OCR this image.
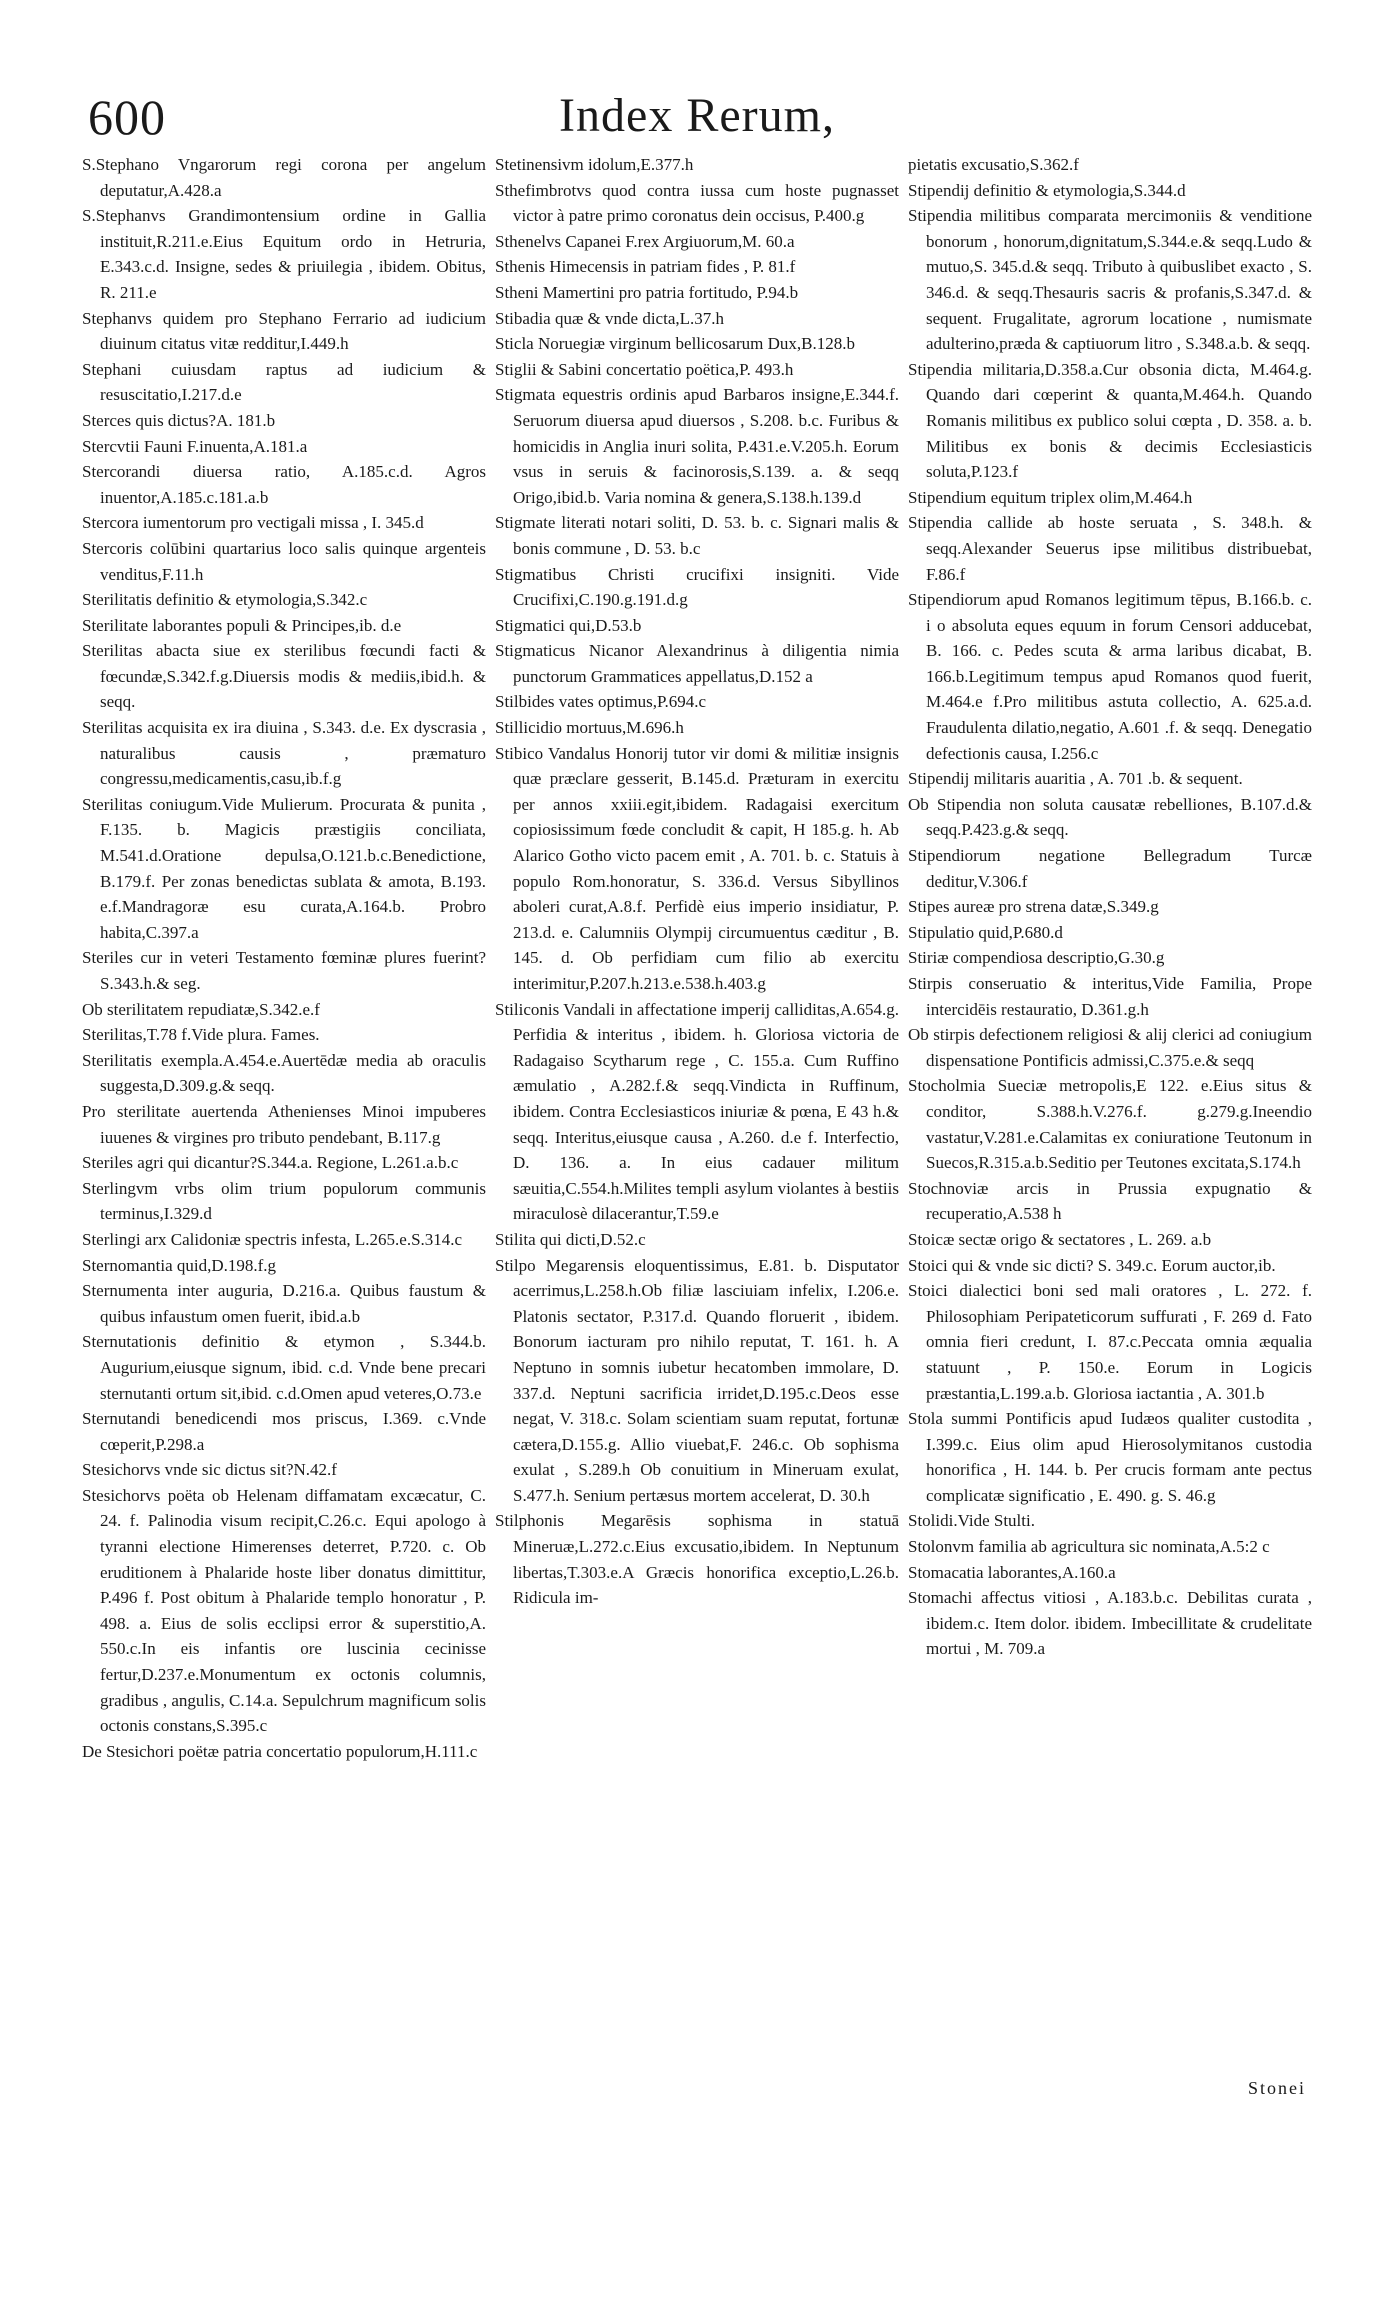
600	Index Rerum,

S.Stephano Vngarorum regi corona per angelum deputatur,A.428.a

S.Stephanvs Grandimontensium ordine in Gallia instituit,R.211.e.Eius Equitum ordo in Hetruria, E.343.c.d. Insigne, sedes & priuilegia , ibidem. Obitus, R. 211.e

Stephanvs quidem pro Stephano Ferrario ad iudicium diuinum citatus vitæ redditur,I.449.h

Stephani cuiusdam raptus ad iudicium & resuscitatio,I.217.d.e

Sterces quis dictus?A. 181.b

Stercvtii Fauni F.inuenta,A.181.a

Stercorandi diuersa ratio, A.185.c.d. Agros inuentor,A.185.c.181.a.b

Stercora iumentorum pro vectigali missa , I. 345.d

Stercoris colūbini quartarius loco salis quinque argenteis venditus,F.11.h

Sterilitatis definitio & etymologia,S.342.c

Sterilitate laborantes populi & Principes,ib. d.e

Sterilitas abacta siue ex sterilibus fœcundi facti & fœcundæ,S.342.f.g.Diuersis modis & mediis,ibid.h. & seqq.

Sterilitas acquisita ex ira diuina , S.343. d.e. Ex dyscrasia , naturalibus causis , præmaturo congressu,medicamentis,casu,ib.f.g

Sterilitas coniugum.Vide Mulierum. Procurata & punita , F.135. b. Magicis præstigiis conciliata, M.541.d.Oratione depulsa,O.121.b.c.Benedictione, B.179.f. Per zonas benedictas sublata & amota, B.193. e.f.Mandragoræ esu curata,A.164.b. Probro habita,C.397.a

Steriles cur in veteri Testamento fœminæ plures fuerint?S.343.h.& seg.

Ob sterilitatem repudiatæ,S.342.e.f

Sterilitas,T.78 f.Vide plura. Fames.

Sterilitatis exempla.A.454.e.Auertēdæ media ab oraculis suggesta,D.309.g.& seqq.

Pro sterilitate auertenda Athenienses Minoi impuberes iuuenes & virgines pro tributo pendebant, B.117.g

Steriles agri qui dicantur?S.344.a. Regione, L.261.a.b.c

Sterlingvm vrbs olim trium populorum communis terminus,I.329.d

Sterlingi arx Calidoniæ spectris infesta, L.265.e.S.314.c

Sternomantia quid,D.198.f.g

Sternumenta inter auguria, D.216.a. Quibus faustum & quibus infaustum omen fuerit, ibid.a.b

Sternutationis definitio & etymon , S.344.b. Augurium,eiusque signum, ibid. c.d. Vnde bene precari sternutanti ortum sit,ibid. c.d.Omen apud veteres,O.73.e

Sternutandi benedicendi mos priscus, I.369. c.Vnde cœperit,P.298.a

Stesichorvs vnde sic dictus sit?N.42.f

Stesichorvs poëta ob Helenam diffamatam excæcatur, C. 24. f. Palinodia visum recipit,C.26.c. Equi apologo à tyranni electione Himerenses deterret, P.720. c. Ob eruditionem à Phalaride hoste liber donatus dimittitur, P.496 f. Post obitum à Phalaride templo honoratur , P. 498. a. Eius de solis ecclipsi error & superstitio,A. 550.c.In eis infantis ore luscinia cecinisse fertur,D.237.e.Monumentum ex octonis columnis, gradibus , angulis, C.14.a. Sepulchrum magnificum solis octonis constans,S.395.c

De Stesichori poëtæ patria concertatio populorum,H.111.c

Stetinensivm idolum,E.377.h

Sthefimbrotvs quod contra iussa cum hoste pugnasset victor à patre primo coronatus dein occisus, P.400.g

Sthenelvs Capanei F.rex Argiuorum,M. 60.a

Sthenis Himecensis in patriam fides , P. 81.f

Stheni Mamertini pro patria fortitudo, P.94.b

Stibadia quæ & vnde dicta,L.37.h

Sticla Noruegiæ virginum bellicosarum Dux,B.128.b

Stiglii & Sabini concertatio poëtica,P. 493.h

Stigmata equestris ordinis apud Barbaros insigne,E.344.f. Seruorum diuersa apud diuersos , S.208. b.c. Furibus & homicidis in Anglia inuri solita, P.431.e.V.205.h. Eorum vsus in seruis & facinorosis,S.139. a. & seqq Origo,ibid.b. Varia nomina & genera,S.138.h.139.d

Stigmate literati notari soliti, D. 53. b. c. Signari malis & bonis commune , D. 53. b.c

Stigmatibus Christi crucifixi insigniti. Vide Crucifixi,C.190.g.191.d.g

Stigmatici qui,D.53.b

Stigmaticus Nicanor Alexandrinus à diligentia nimia punctorum Grammatices appellatus,D.152 a

Stilbides vates optimus,P.694.c

Stillicidio mortuus,M.696.h

Stibico Vandalus Honorij tutor vir domi & militiæ insignis quæ præclare gesserit, B.145.d. Præturam in exercitu per annos xxiii.egit,ibidem. Radagaisi exercitum copiosissimum fœde concludit & capit, H 185.g. h. Ab Alarico Gotho victo pacem emit , A. 701. b. c. Statuis à populo Rom.honoratur, S. 336.d. Versus Sibyllinos aboleri curat,A.8.f. Perfidè eius imperio insidiatur, P. 213.d. e. Calumniis Olympij circumuentus cæditur , B. 145. d. Ob perfidiam cum filio ab exercitu interimitur,P.207.h.213.e.538.h.403.g

Stiliconis Vandali in affectatione imperij calliditas,A.654.g. Perfidia & interitus , ibidem. h. Gloriosa victoria de Radagaiso Scytharum rege , C. 155.a. Cum Ruffino æmulatio , A.282.f.& seqq.Vindicta in Ruffinum, ibidem. Contra Ecclesiasticos iniuriæ & pœna, E 43 h.& seqq. Interitus,eiusque causa , A.260. d.e f. Interfectio, D. 136. a. In eius cadauer militum sæuitia,C.554.h.Milites templi asylum violantes à bestiis miraculosè dilacerantur,T.59.e

Stilita qui dicti,D.52.c

Stilpo Megarensis eloquentissimus, E.81. b. Disputator acerrimus,L.258.h.Ob filiæ lasciuiam infelix, I.206.e. Platonis sectator, P.317.d. Quando floruerit , ibidem. Bonorum iacturam pro nihilo reputat, T. 161. h. A Neptuno in somnis iubetur hecatomben immolare, D. 337.d. Neptuni sacrificia irridet,D.195.c.Deos esse negat, V. 318.c. Solam scientiam suam reputat, fortunæ cætera,D.155.g. Allio viuebat,F. 246.c. Ob sophisma exulat , S.289.h Ob conuitium in Mineruam exulat, S.477.h. Senium pertæsus mortem accelerat, D. 30.h

Stilphonis Megarēsis sophisma in statuā Mineruæ,L.272.c.Eius excusatio,ibidem. In Neptunum libertas,T.303.e.A Græcis honorifica exceptio,L.26.b. Ridicula im-

pietatis excusatio,S.362.f

Stipendij definitio & etymologia,S.344.d

Stipendia militibus comparata mercimoniis & venditione bonorum , honorum,dignitatum,S.344.e.& seqq.Ludo & mutuo,S. 345.d.& seqq. Tributo à quibuslibet exacto , S. 346.d. & seqq.Thesauris sacris & profanis,S.347.d. & sequent. Frugalitate, agrorum locatione , numismate adulterino,præda & captiuorum litro , S.348.a.b. & seqq.

Stipendia militaria,D.358.a.Cur obsonia dicta, M.464.g. Quando dari cœperint & quanta,M.464.h. Quando Romanis militibus ex publico solui cœpta , D. 358. a. b. Militibus ex bonis & decimis Ecclesiasticis soluta,P.123.f

Stipendium equitum triplex olim,M.464.h

Stipendia callide ab hoste seruata , S. 348.h. & seqq.Alexander Seuerus ipse militibus distribuebat, F.86.f

Stipendiorum apud Romanos legitimum tēpus, B.166.b. c. i o absoluta eques equum in forum Censori adducebat, B. 166. c. Pedes scuta & arma laribus dicabat, B. 166.b.Legitimum tempus apud Romanos quod fuerit, M.464.e f.Pro militibus astuta collectio, A. 625.a.d. Fraudulenta dilatio,negatio, A.601 .f. & seqq. Denegatio defectionis causa, I.256.c

Stipendij militaris auaritia , A. 701 .b. & sequent.

Ob Stipendia non soluta causatæ rebelliones, B.107.d.& seqq.P.423.g.& seqq.

Stipendiorum negatione Bellegradum Turcæ deditur,V.306.f

Stipes aureæ pro strena datæ,S.349.g

Stipulatio quid,P.680.d

Stiriæ compendiosa descriptio,G.30.g

Stirpis conseruatio & interitus,Vide Familia, Prope intercidēis restauratio, D.361.g.h

Ob stirpis defectionem religiosi & alij clerici ad coniugium dispensatione Pontificis admissi,C.375.e.& seqq

Stocholmia Sueciæ metropolis,E 122. e.Eius situs & conditor, S.388.h.V.276.f. g.279.g.Ineendio vastatur,V.281.e.Calamitas ex coniuratione Teutonum in Suecos,R.315.a.b.Seditio per Teutones excitata,S.174.h

Stochnoviæ arcis in Prussia expugnatio & recuperatio,A.538 h

Stoicæ sectæ origo & sectatores , L. 269. a.b

Stoici qui & vnde sic dicti? S. 349.c. Eorum auctor,ib.

Stoici dialectici boni sed mali oratores , L. 272. f. Philosophiam Peripateticorum suffurati , F. 269 d. Fato omnia fieri credunt, I. 87.c.Peccata omnia æqualia statuunt , P. 150.e. Eorum in Logicis præstantia,L.199.a.b. Gloriosa iactantia , A. 301.b

Stola summi Pontificis apud Iudæos qualiter custodita , I.399.c. Eius olim apud Hierosolymitanos custodia honorifica , H. 144. b. Per crucis formam ante pectus complicatæ significatio , E. 490. g. S. 46.g

Stolidi.Vide Stulti.

Stolonvm familia ab agricultura sic nominata,A.5:2 c

Stomacatia laborantes,A.160.a

Stomachi affectus vitiosi , A.183.b.c. Debilitas curata , ibidem.c. Item dolor. ibidem. Imbecillitate & crudelitate mortui , M. 709.a

Stonei
